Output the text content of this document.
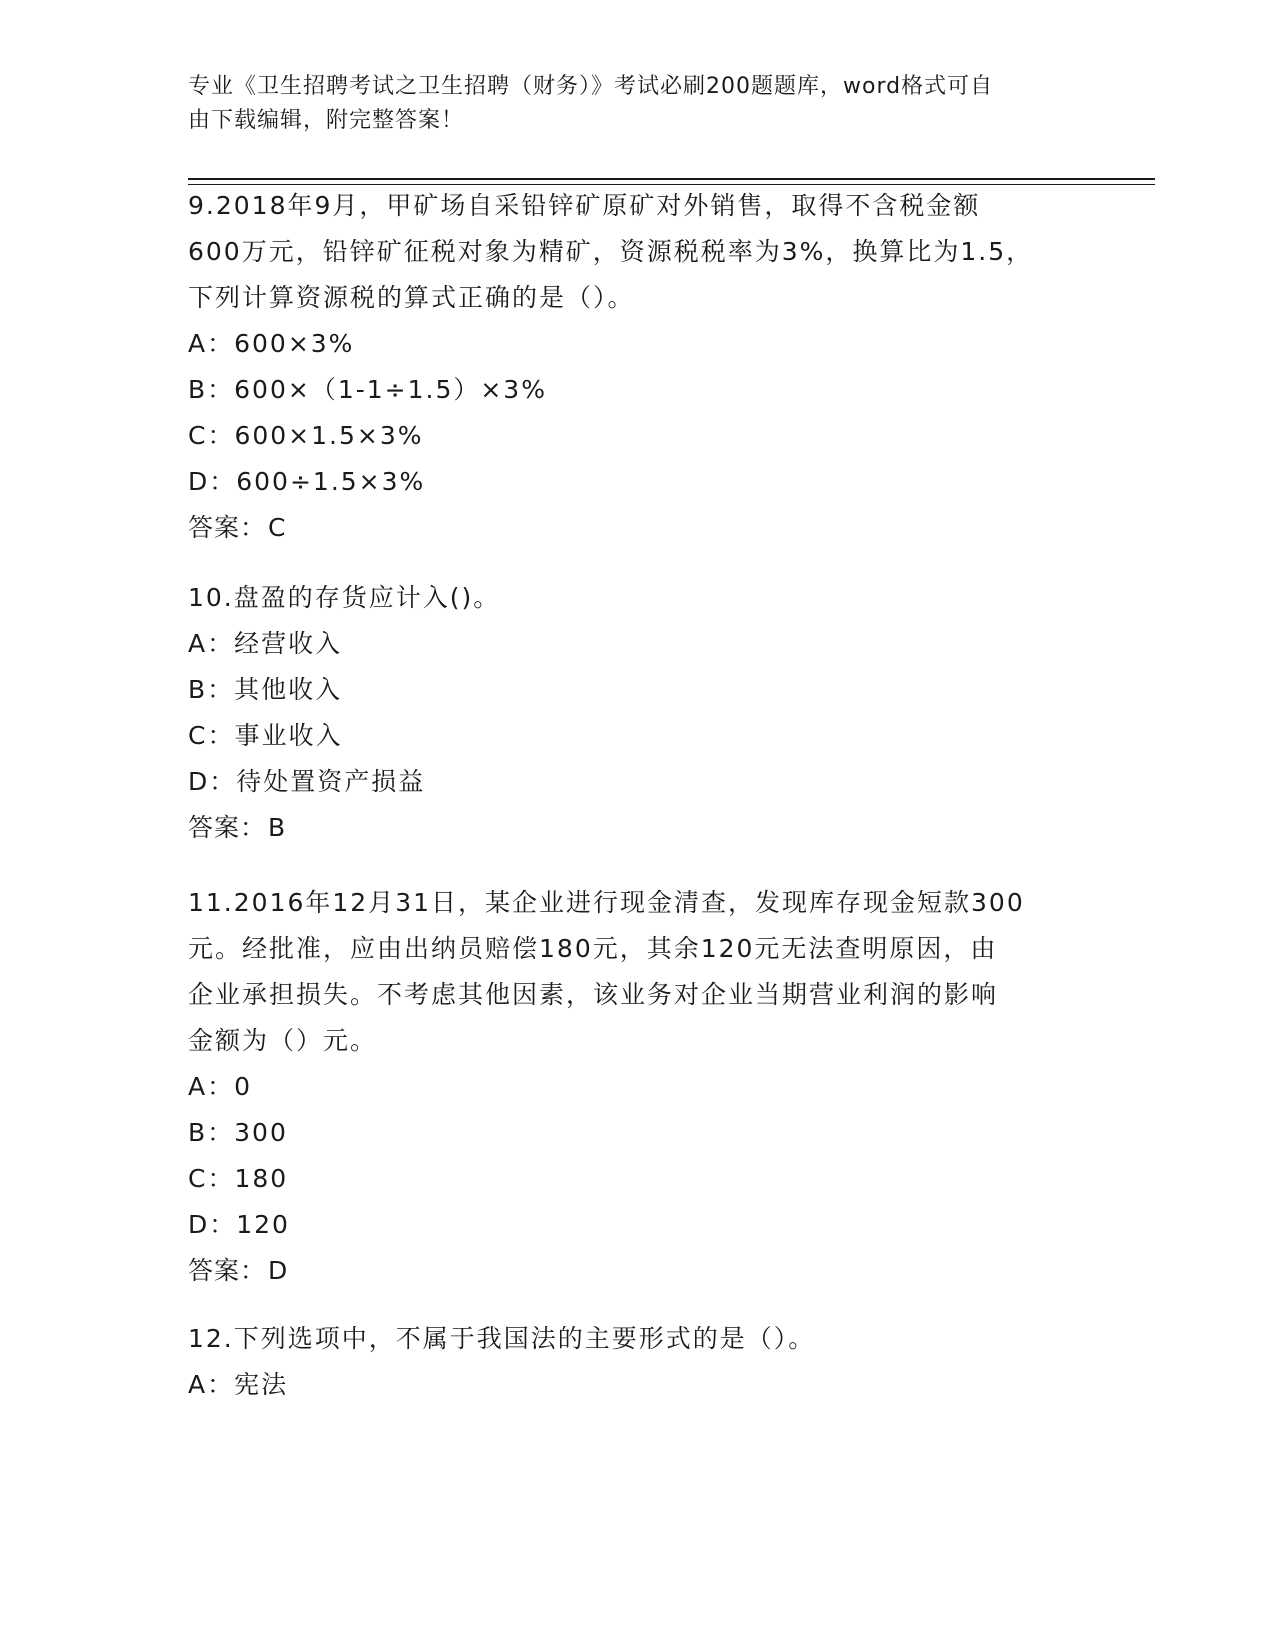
专业《卫生招聘考试之卫生招聘（财务）》考试必刷200题题库，word格式可自
由下载编辑，附完整答案！

9.2018年9月，甲矿场自采铅锌矿原矿对外销售，取得不含税金额

600万元，铅锌矿征税对象为精矿，资源税税率为3%，换算比为1.5，

下列计算资源税的算式正确的是（）。

A：600×3%
B：600×（1-1÷1.5）×3%
C：600×1.5×3%
D：600÷1.5×3%

答案：C

10.盘盈的存货应计入()。

A：经营收入
B：其他收入
C：事业收入
D：待处置资产损益

答案：B

11.2016年12月31日，某企业进行现金清查，发现库存现金短款300

元。经批准，应由出纳员赔偿180元，其余120元无法查明原因，由

企业承担损失。不考虑其他因素，该业务对企业当期营业利润的影响

金额为（）元。

A：0
B：300
C：180
D：120

答案：D

12.下列选项中，不属于我国法的主要形式的是（）。

A：宪法
